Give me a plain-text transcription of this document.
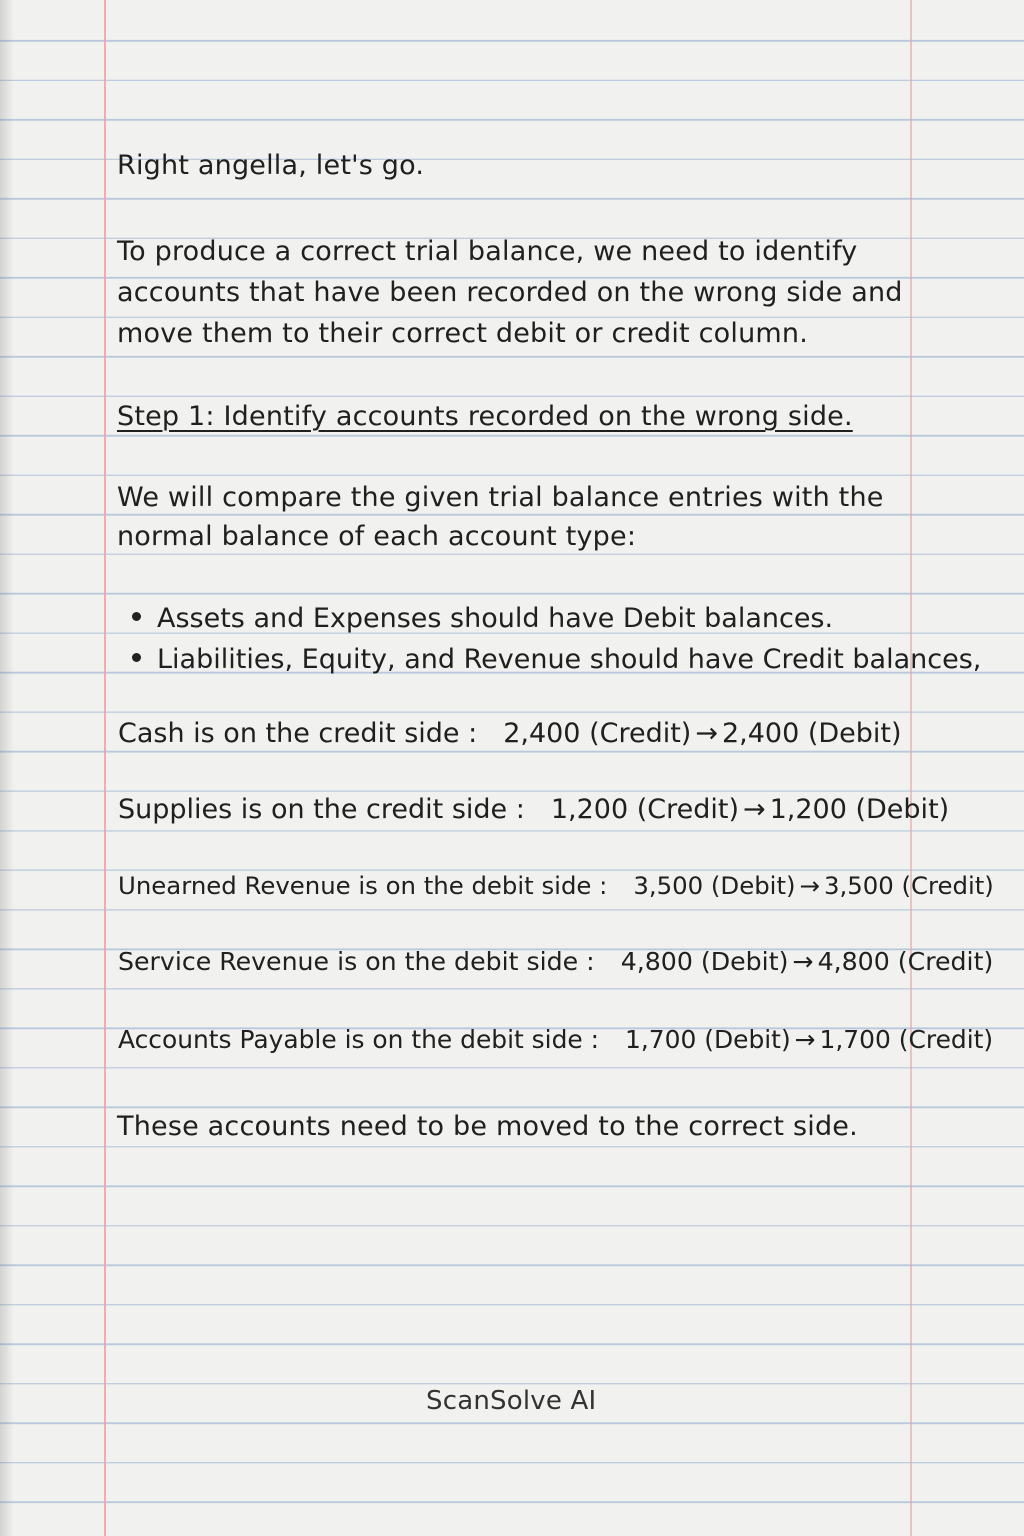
Right angella, let's go.

To produce a correct trial balance, we need to identify

accounts that have been recorded on the wrong side and

move them to their correct debit or credit column.

Step 1: Identify accounts recorded on the wrong side.

We will compare the given trial balance entries with the

normal balance of each account type:

Assets and Expenses should have Debit balances.
Liabilities, Equity, and Revenue should have Credit balances,
Cash is on the credit side : 2,400 (Credit) → 2,400 (Debit)
Supplies is on the credit side : 1,200 (Credit) → 1,200 (Debit)
Unearned Revenue is on the debit side : 3,500 (Debit) → 3,500 (Credit)
Service Revenue is on the debit side : 4,800 (Debit) → 4,800 (Credit)
Accounts Payable is on the debit side : 1,700 (Debit) → 1,700 (Credit)

These accounts need to be moved to the correct side.

ScanSolve AI
